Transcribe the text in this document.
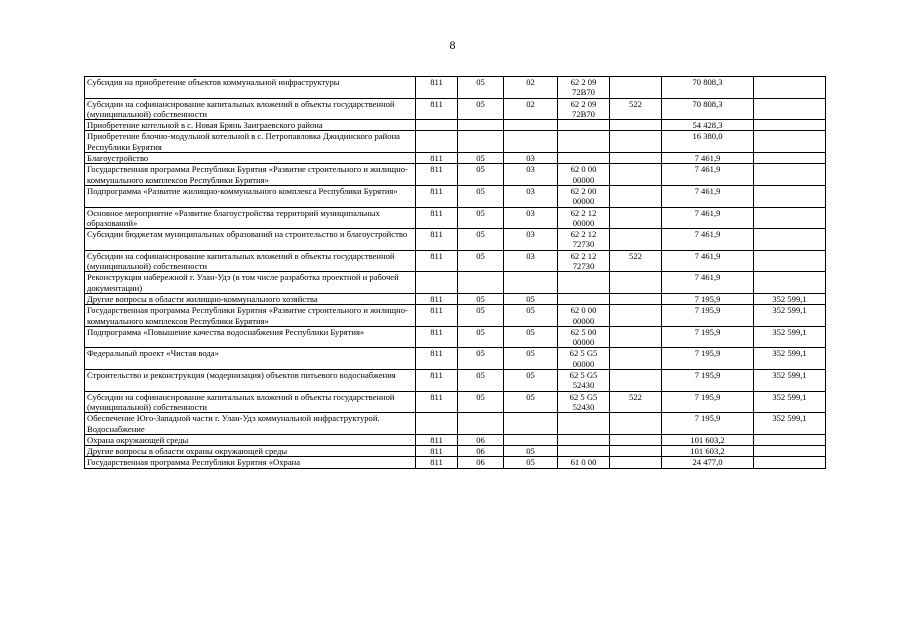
8
Субсидия на приобретение объектов коммунальной инфраструктуры	811	05	02	62 2 09 72В70		70 808,3	
Субсидии на софинансирование капитальных вложений в объекты государственной (муниципальной) собственности	811	05	02	62 2 09 72В70	522	70 808,3	
Приобретение котельной в с. Новая Брянь Заиграевского района						54 428,3	
Приобретение блочно-модульной котельной в с. Петропавловка Джидинского района Республики Бурятия						16 380,0	
Благоустройство	811	05	03			7 461,9	
Государственная программа Республики Бурятия «Развитие строительного и жилищно-коммунального комплексов Республики Бурятия»	811	05	03	62 0 00 00000		7 461,9	
Подпрограмма «Развитие жилищно-коммунального комплекса Республики Бурятия»	811	05	03	62 2 00 00000		7 461,9	
Основное мероприятие «Развитие благоустройства территорий муниципальных образований»	811	05	03	62 2 12 00000		7 461,9	
Субсидии бюджетам муниципальных образований на строительство и благоустройство	811	05	03	62 2 12 72730		7 461,9	
Субсидии на софинансирование капитальных вложений в объекты государственной (муниципальной) собственности	811	05	03	62 2 12 72730	522	7 461,9	
Реконструкция набережной г. Улан-Удэ (в том числе разработка проектной и рабочей документации)						7 461,9	
Другие вопросы в области жилищно-коммунального хозяйства	811	05	05			7 195,9	352 599,1
Государственная программа Республики Бурятия «Развитие строительного и жилищно-коммунального комплексов Республики Бурятия»	811	05	05	62 0 00 00000		7 195,9	352 599,1
Подпрограмма «Повышение качества водоснабжения Республики Бурятия»	811	05	05	62 5 00 00000		7 195,9	352 599,1
Федеральный проект «Чистая вода»	811	05	05	62 5 G5 00000		7 195,9	352 599,1
Строительство и реконструкция (модернизация) объектов питьевого водоснабжения	811	05	05	62 5 G5 52430		7 195,9	352 599,1
Субсидии на софинансирование капитальных вложений в объекты государственной (муниципальной) собственности	811	05	05	62 5 G5 52430	522	7 195,9	352 599,1
Обеспечение Юго-Западной части г. Улан-Удэ коммунальной инфраструктурой. Водоснабжение						7 195,9	352 599,1
Охрана окружающей среды	811	06				101 603,2	
Другие вопросы в области охраны окружающей среды	811	06	05			101 603,2	
Государственная программа Республики Бурятия «Охрана	811	06	05	61 0 00		24 477,0	
